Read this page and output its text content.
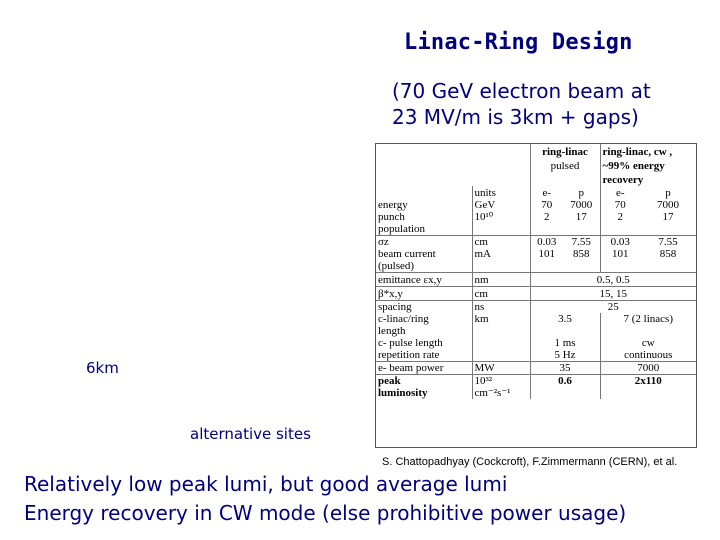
Linac-Ring Design
(70 GeV electron beam at
23 MV/m is 3km + gaps)
6km
alternative sites
		ring-linac		ring-linac, cw ,	
		pulsed		~99% energy	
				recovery	
	units	e-	p	e-	p
energy	GeV	70	7000	70	7000
punch	10¹⁰	2	17	2	17
population					
σz	cm	0.03	7.55	0.03	7.55
beam current	mA	101	858	101	858
(pulsed)					
emittance εx,y	nm	0.5, 0.5			
β*x,y	cm	15, 15			
spacing	ns	25			
c-linac/ring	km	3.5		7 (2 linacs)	
length					
c- pulse length		1 ms		cw	
repetition rate		5 Hz		continuous	
e- beam power	MW	35		7000	
peak	10³²	0.6		2x110	
luminosity	cm⁻²s⁻¹				
S. Chattopadhyay (Cockcroft), F.Zimmermann (CERN), et al.
Relatively low peak lumi, but good average lumi
Energy recovery in CW mode (else prohibitive power usage)
